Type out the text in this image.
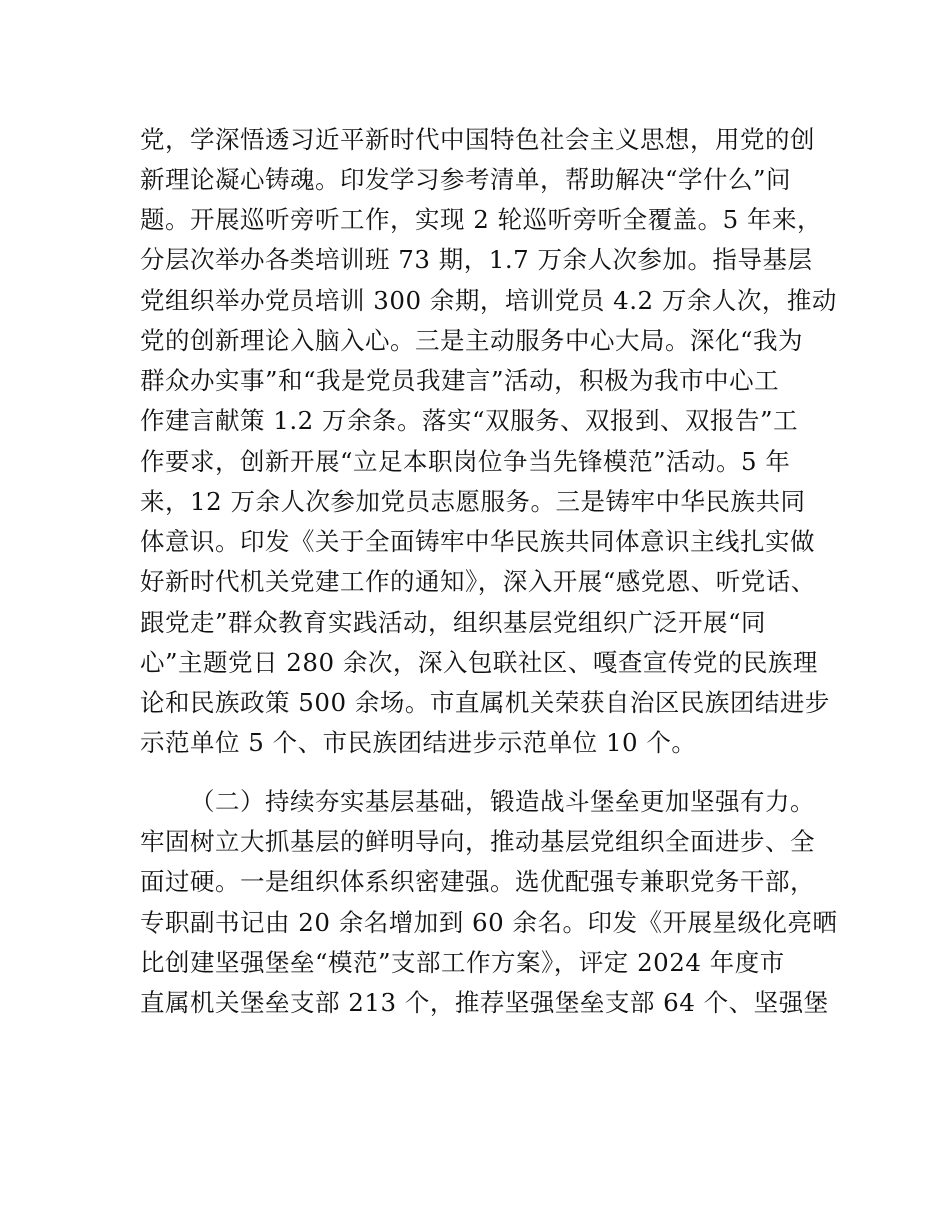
党，学深悟透习近平新时代中国特色社会主义思想，用党的创
新理论凝心铸魂。印发学习参考清单，帮助解决“学什么”问
题。开展巡听旁听工作，实现 2 轮巡听旁听全覆盖。5 年来，
分层次举办各类培训班 73 期，1.7 万余人次参加。指导基层
党组织举办党员培训 300 余期，培训党员 4.2 万余人次，推动
党的创新理论入脑入心。三是主动服务中心大局。深化“我为
群众办实事”和“我是党员我建言”活动，积极为我市中心工
作建言献策 1.2 万余条。落实“双服务、双报到、双报告”工
作要求，创新开展“立足本职岗位争当先锋模范”活动。5 年
来，12 万余人次参加党员志愿服务。三是铸牢中华民族共同
体意识。印发《关于全面铸牢中华民族共同体意识主线扎实做
好新时代机关党建工作的通知》，深入开展“感党恩、听党话、
跟党走”群众教育实践活动，组织基层党组织广泛开展“同
心”主题党日 280 余次，深入包联社区、嘎查宣传党的民族理
论和民族政策 500 余场。市直属机关荣获自治区民族团结进步
示范单位 5 个、市民族团结进步示范单位 10 个。
（二）持续夯实基层基础，锻造战斗堡垒更加坚强有力。
牢固树立大抓基层的鲜明导向，推动基层党组织全面进步、全
面过硬。一是组织体系织密建强。选优配强专兼职党务干部，
专职副书记由 20 余名增加到 60 余名。印发《开展星级化亮晒
比创建坚强堡垒“模范”支部工作方案》，评定 2024 年度市
直属机关堡垒支部 213 个，推荐坚强堡垒支部 64 个、坚强堡
